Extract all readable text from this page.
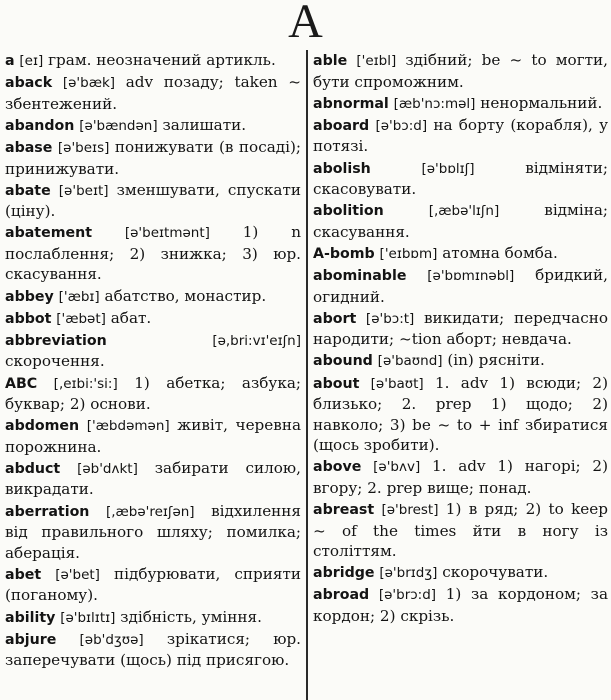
A
a [eɪ] грам. неозначений артикль.
aback [ə'bæk] adv позаду; taken ~ збентежений.
abandon [ə'bændən] залишати.
abase [ə'beɪs] понижувати (в посаді); принижувати.
abate [ə'beɪt] зменшувати, спускати (ціну).
abatement [ə'beɪtmənt] 1) n послаблення; 2) знижка; 3) юр. скасування.
abbey ['æbɪ] абатство, монастир.
abbot ['æbət] абат.
abbreviation	[ə,bri:vɪ'eɪʃn] скорочення.
ABC [,eɪbi:'si:] 1) абетка; азбука; буквар; 2) основи.
abdomen ['æbdəmən] живіт, черевна порожнина.
abduct [əb'dʌkt] забирати силою, викрадати.
aberration [,æbə'reɪʃən] відхилення від правильного шляху; помилка; аберація.
abet [ə'bet] підбурювати, сприяти (поганому).
ability [ə'bɪlɪtɪ] здібність, уміння.
abjure [əb'dʒʊə] зрікатися; юр. заперечувати (щось) під присягою.
able ['eɪbl] здібний; be ~ to могти, бути спроможним.
abnormal [æb'nɔ:məl] ненормальний.
aboard [ə'bɔ:d] на борту (корабля), у потязі.
abolish	[ə'bɒlɪʃ]	відміняти; скасовувати.
abolition	[,æbə'lɪʃn]	відміна; скасування.
A-bomb ['eɪbɒm] атомна бомба.
abominable [ə'bɒmɪnəbl] бридкий, огидний.
abort [ə'bɔ:t] викидати; передчасно народити; ~tion аборт; невдача.
abound [ə'baʊnd] (in) рясніти.
about [ə'baʊt] 1. adv 1) всюди; 2) близько; 2. prep 1) щодо; 2) навколо; 3) be ~ to + inf збиратися (щось зробити).
above [ə'bʌv] 1. adv 1) нагорі; 2) вгору; 2. prep вище; понад.
abreast [ə'brest] 1) в ряд; 2) to keep ~ of the times йти в ногу із століттям.
abridge [ə'brɪdʒ] скорочувати.
abroad [ə'brɔ:d] 1) за кордоном; за кордон; 2) скрізь.
